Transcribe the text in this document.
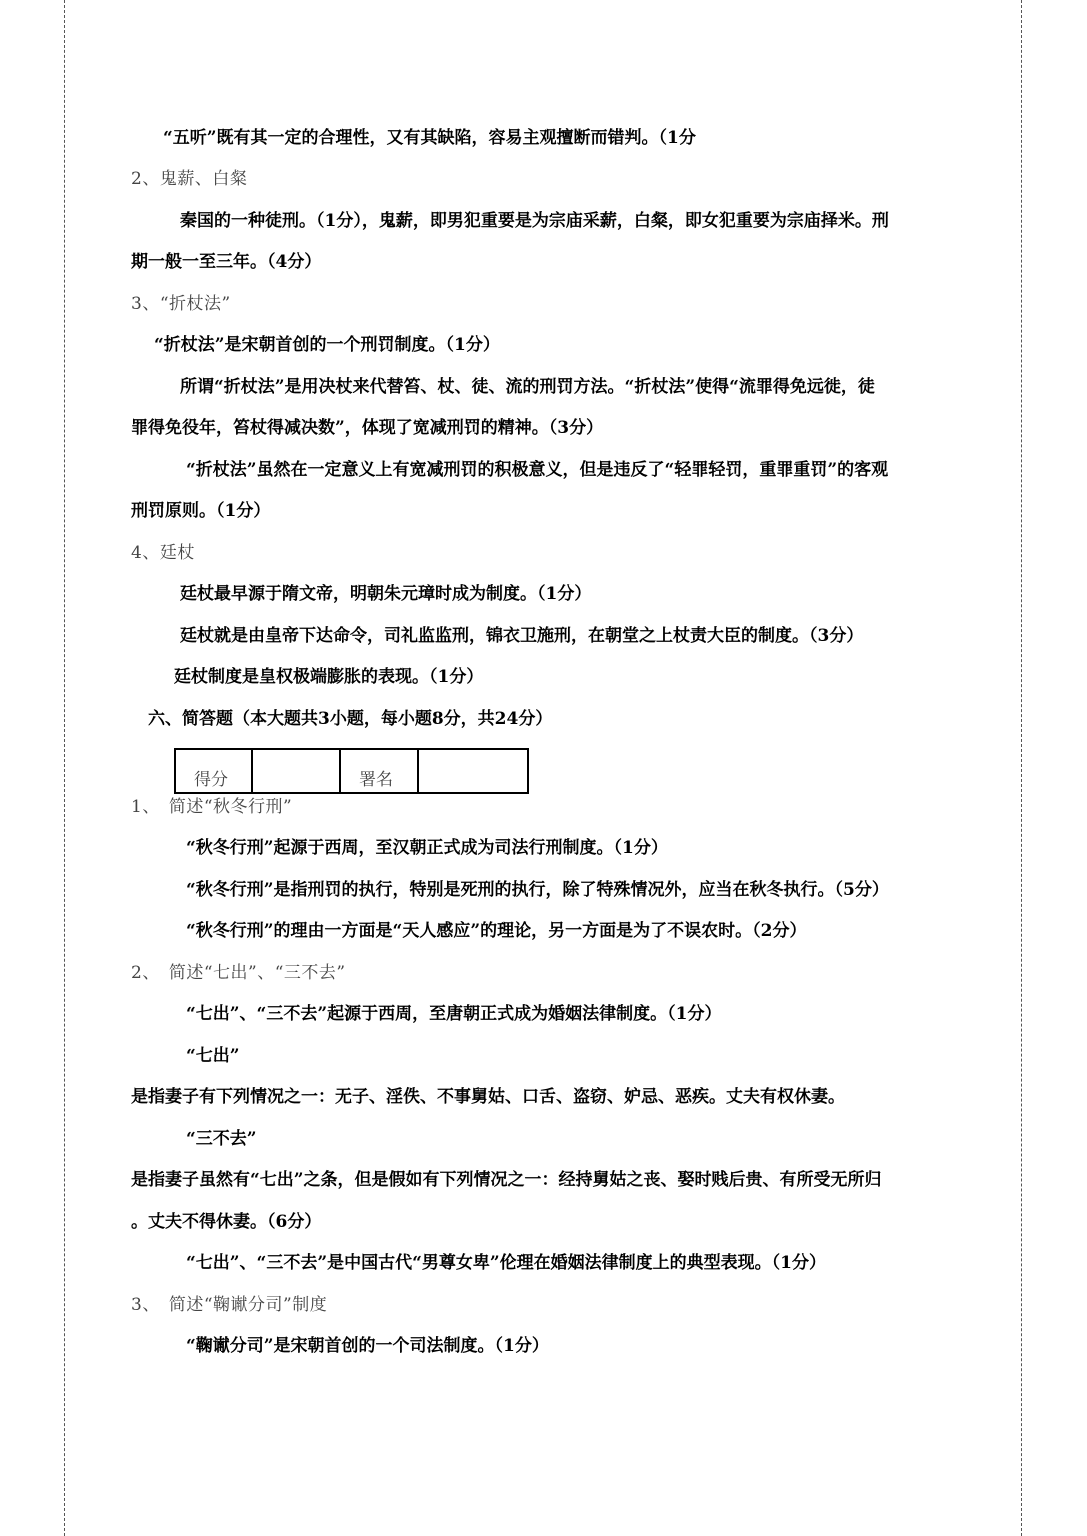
“五听”既有其一定的合理性，又有其缺陷，容易主观擅断而错判。（1分
2、鬼薪、白粲
秦国的一种徒刑。（1分），鬼薪，即男犯重要是为宗庙采薪，白粲，即女犯重要为宗庙择米。刑
期一般一至三年。（4分）
3、“折杖法”
“折杖法”是宋朝首创的一个刑罚制度。（1分）
所谓“折杖法”是用决杖来代替笞、杖、徒、流的刑罚方法。“折杖法”使得“流罪得免远徙，徒
罪得免役年，笞杖得减决数”，体现了宽减刑罚的精神。（3分）
“折杖法”虽然在一定意义上有宽减刑罚的积极意义，但是违反了“轻罪轻罚，重罪重罚”的客观
刑罚原则。（1分）
4、廷杖
廷杖最早源于隋文帝，明朝朱元璋时成为制度。（1分）
廷杖就是由皇帝下达命令，司礼监监刑，锦衣卫施刑，在朝堂之上杖责大臣的制度。（3分）
廷杖制度是皇权极端膨胀的表现。（1分）
六、简答题（本大题共3小题，每小题8分，共24分）
得分		署名	
1、　简述“秋冬行刑”
“秋冬行刑”起源于西周，至汉朝正式成为司法行刑制度。（1分）
“秋冬行刑”是指刑罚的执行，特别是死刑的执行，除了特殊情况外，应当在秋冬执行。（5分）
“秋冬行刑”的理由一方面是“天人感应”的理论，另一方面是为了不误农时。（2分）
2、　简述“七出”、“三不去”
“七出”、“三不去”起源于西周，至唐朝正式成为婚姻法律制度。（1分）
“七出”
是指妻子有下列情况之一：无子、淫佚、不事舅姑、口舌、盗窃、妒忌、恶疾。丈夫有权休妻。
“三不去”
是指妻子虽然有“七出”之条，但是假如有下列情况之一：经持舅姑之丧、娶时贱后贵、有所受无所归
。丈夫不得休妻。（6分）
“七出”、“三不去”是中国古代“男尊女卑”伦理在婚姻法律制度上的典型表现。（1分）
3、　简述“鞠谳分司”制度
“鞠谳分司”是宋朝首创的一个司法制度。（1分）
